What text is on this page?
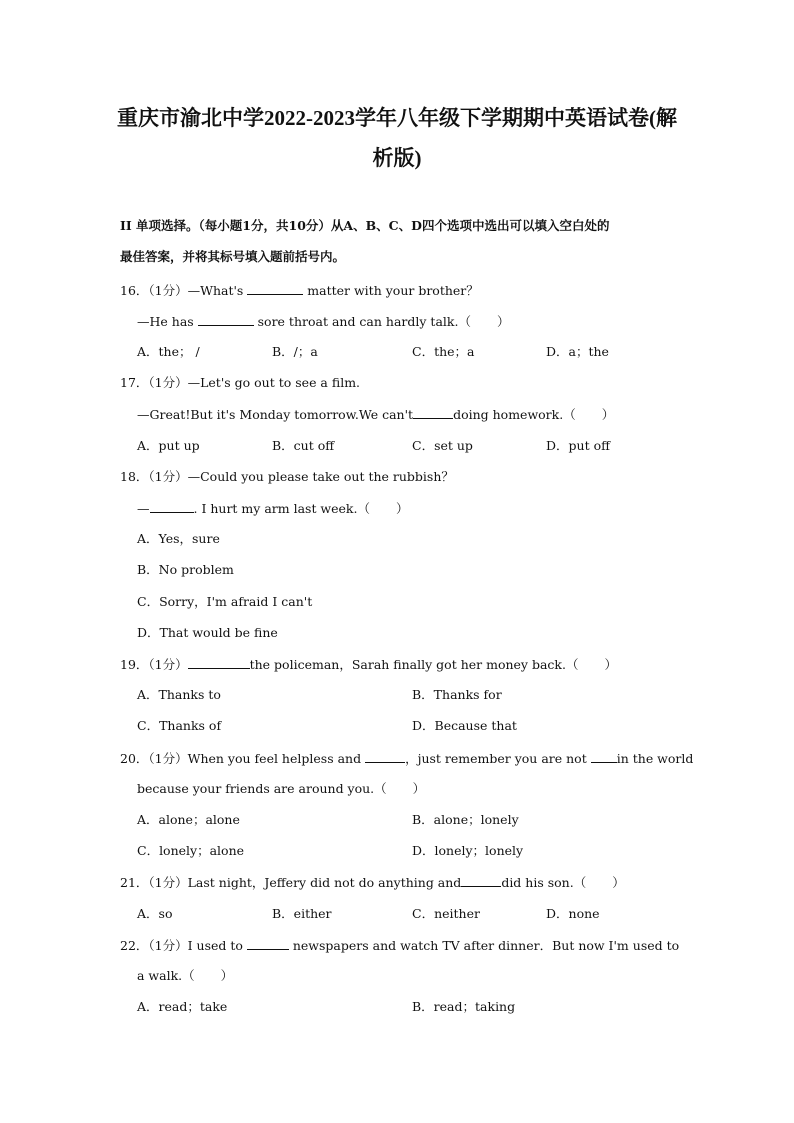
重庆市渝北中学2022-2023学年八年级下学期期中英语试卷(解
析版)
II 单项选择。（每小题1分，共10分）从A、B、C、D四个选项中选出可以填入空白处的
最佳答案，并将其标号填入题前括号内。
16．（1分）—What's	matter with your brother？
—He has	sore throat and can hardly talk.（ ）
A．the； /	B．/；a	C．the；a	D．a；the
17．（1分）—Let's go out to see a film.
—Great!But it's Monday tomorrow.We can't	doing homework.（ ）
A．put up	B．cut off	C．set up	D．put off
18．（1分）—Could you please take out the rubbish？
—	. I hurt my arm last week.（ ）
A．Yes，sure
B．No problem
C．Sorry，I'm afraid I can't
D．That would be fine
19．（1分）	the policeman，Sarah finally got her money back.（ ）
A．Thanks to	B．Thanks for
C．Thanks of	D．Because that
20．（1分）When you feel helpless and	，just remember you are not in the world
because your friends are around you.（ ）
A．alone；alone	B．alone；lonely
C．lonely；alone	D．lonely；lonely
21．（1分）Last night，Jeffery did not do anything and	did his son.（ ）
A．so	B．either	C．neither	D．none
22．（1分）I used to	newspapers and watch TV after dinner．But now I'm used to
a walk.（ ）
A．read；take	B．read；taking
